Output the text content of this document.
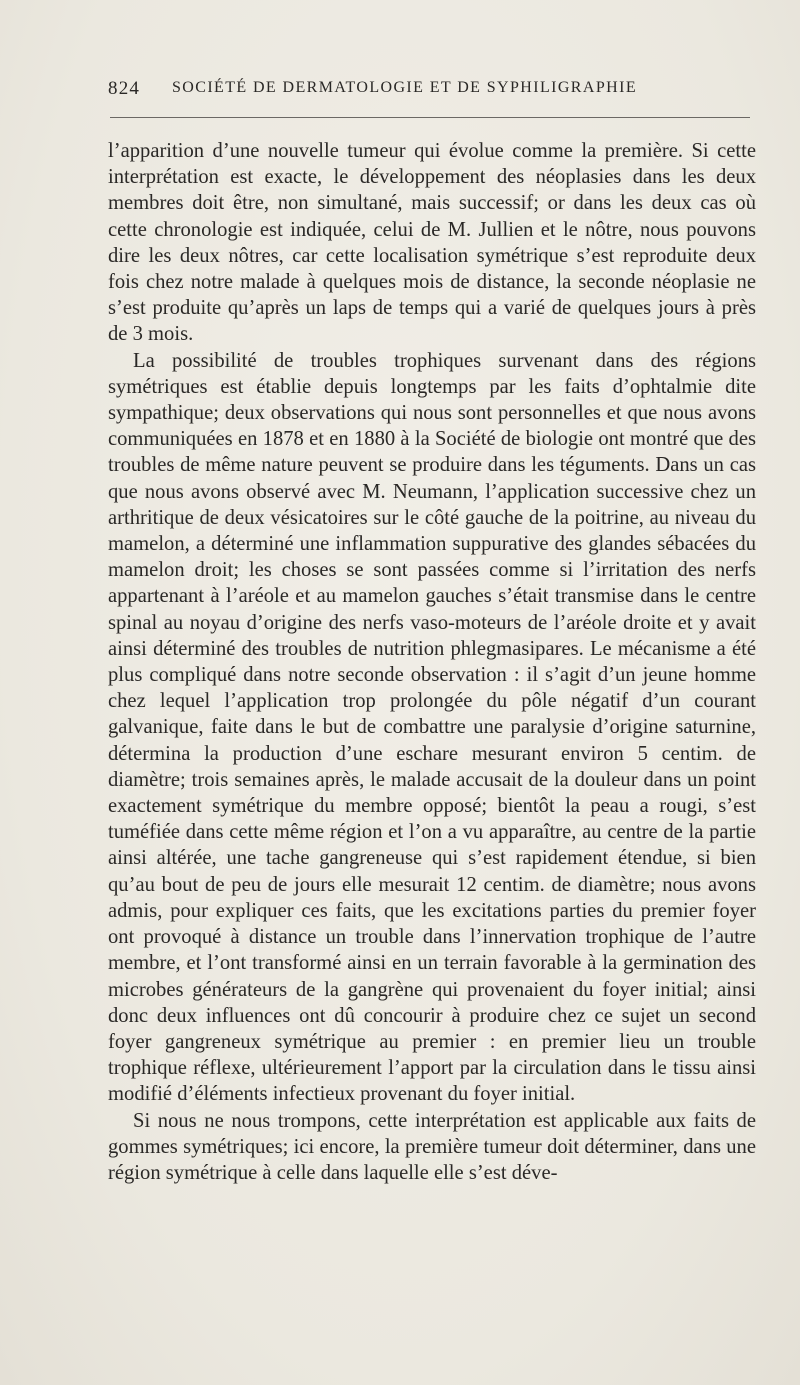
824 SOCIÉTÉ DE DERMATOLOGIE ET DE SYPHILIGRAPHIE

l’apparition d’une nouvelle tumeur qui évolue comme la première. Si cette interprétation est exacte, le développement des néoplasies dans les deux membres doit être, non simultané, mais successif; or dans les deux cas où cette chronologie est indiquée, celui de M. Jullien et le nôtre, nous pouvons dire les deux nôtres, car cette localisation symétrique s’est reproduite deux fois chez notre malade à quelques mois de distance, la seconde néoplasie ne s’est produite qu’après un laps de temps qui a varié de quelques jours à près de 3 mois.

La possibilité de troubles trophiques survenant dans des régions symétriques est établie depuis longtemps par les faits d’ophtalmie dite sympathique; deux observations qui nous sont personnelles et que nous avons communiquées en 1878 et en 1880 à la Société de biologie ont montré que des troubles de même nature peuvent se produire dans les téguments. Dans un cas que nous avons observé avec M. Neumann, l’application successive chez un arthritique de deux vésicatoires sur le côté gauche de la poitrine, au niveau du mamelon, a déterminé une inflammation suppurative des glandes sébacées du mamelon droit; les choses se sont passées comme si l’irritation des nerfs appartenant à l’aréole et au mamelon gauches s’était transmise dans le centre spinal au noyau d’origine des nerfs vaso-moteurs de l’aréole droite et y avait ainsi déterminé des troubles de nutrition phlegmasipares. Le mécanisme a été plus compliqué dans notre seconde observation : il s’agit d’un jeune homme chez lequel l’application trop prolongée du pôle négatif d’un courant galvanique, faite dans le but de combattre une paralysie d’origine saturnine, détermina la production d’une eschare mesurant environ 5 centim. de diamètre; trois semaines après, le malade accusait de la douleur dans un point exactement symétrique du membre opposé; bientôt la peau a rougi, s’est tuméfiée dans cette même région et l’on a vu apparaître, au centre de la partie ainsi altérée, une tache gangreneuse qui s’est rapidement étendue, si bien qu’au bout de peu de jours elle mesurait 12 centim. de diamètre; nous avons admis, pour expliquer ces faits, que les excitations parties du premier foyer ont provoqué à distance un trouble dans l’innervation trophique de l’autre membre, et l’ont transformé ainsi en un terrain favorable à la germination des microbes générateurs de la gangrène qui provenaient du foyer initial; ainsi donc deux influences ont dû concourir à produire chez ce sujet un second foyer gangreneux symétrique au premier : en premier lieu un trouble trophique réflexe, ultérieurement l’apport par la circulation dans le tissu ainsi modifié d’éléments infectieux provenant du foyer initial.

Si nous ne nous trompons, cette interprétation est applicable aux faits de gommes symétriques; ici encore, la première tumeur doit déterminer, dans une région symétrique à celle dans laquelle elle s’est déve-
